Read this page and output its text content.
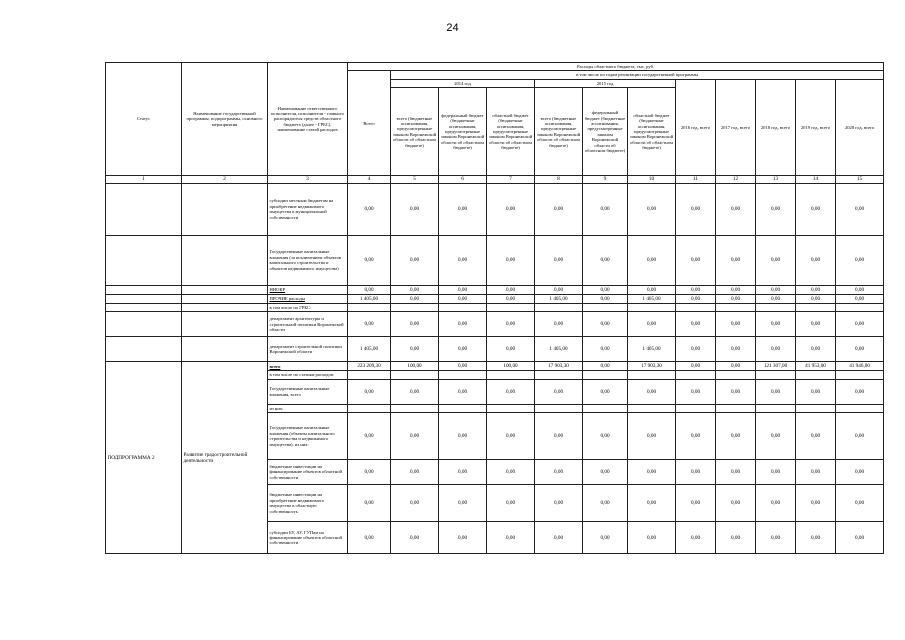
24
Статус	Наименование государственной программы, подпрограммы, основного мероприятия	Наименование ответственного исполнителя, исполнителя - главного распорядителя средств областного бюджета (далее - ГРБС), наименование статей расходов	Расходы областного бюджета, тыс. руб.											
			Всего	в том числе по годам реализации государственной программы										
				2014 год			2015 год			2016 год, всего	2017 год, всего	2018 год, всего	2019 год, всего	2020 год, всего
				всего (бюджетные ассигнования, предусмотренные законом Воронежской области об областном бюджете)	федеральный бюджет (бюджетные ассигнования, предусмотренные законом Воронежской области об областном бюджете)	областной бюджет (бюджетные ассигнования, предусмотренные законом Воронежской области об областном бюджете)	всего (бюджетные ассигнования, предусмотренные законом Воронежской области об областном бюджете)	федеральный бюджет (бюджетные ассигнования, предусмотренные законом Воронежской области об областном бюджете)	областной бюджет (бюджетные ассигнования, предусмотренные законом Воронежской области об областном бюджете)					
1	2	3	4	5	6	7	8	9	10	11	12	13	14	15
		субсидии местным бюджетам на приобретение недвижимого имущества в муниципальной собственности	0,00	0,00	0,00	0,00	0,00	0,00	0,00	0,00	0,00	0,00	0,00	0,00
		Государственные капитальные вложения (за исключением объектов капитального строительства и объектов недвижимого имущества)	0,00	0,00	0,00	0,00	0,00	0,00	0,00	0,00	0,00	0,00	0,00	0,00
		НИОКР	0,00	0,00	0,00	0,00	0,00	0,00	0,00	0,00	0,00	0,00	0,00	0,00
		ПРОЧИЕ расходы	1 405,00	0,00	0,00	0,00	1 405,00	0,00	1 405,00	0,00	0,00	0,00	0,00	0,00
		в том числе по ГРБС:												
		департамент архитектуры и строительной политики Воронежской области	0,00	0,00	0,00	0,00	0,00	0,00	0,00	0,00	0,00	0,00	0,00	0,00
		департамент строительной политики Воронежской области	1 405,00	0,00	0,00	0,00	1 405,00	0,00	1 405,00	0,00	0,00	0,00	0,00	0,00
ПОДПРОГРАММА 2	Развитие градостроительной деятельности	всего	223 209,30	100,00	0,00	100,00	17 903,30	0,00	17 903,30	0,00	0,00	121 307,00	41 953,00	41 946,00
		в том числе по статьям расходов:												
		Государственные капитальные вложения, всего	0,00	0,00	0,00	0,00	0,00	0,00	0,00	0,00	0,00	0,00	0,00	0,00
		из них:												
		Государственные капитальные вложения (объекты капитального строительства и недвижимого имущества), из них:	0,00	0,00	0,00	0,00	0,00	0,00	0,00	0,00	0,00	0,00	0,00	0,00
		бюджетные инвестиции на финансирование объектов областной собственности	0,00	0,00	0,00	0,00	0,00	0,00	0,00	0,00	0,00	0,00	0,00	0,00
		бюджетные инвестиции на приобретение недвижимого имущества в областную собственность	0,00	0,00	0,00	0,00	0,00	0,00	0,00	0,00	0,00	0,00	0,00	0,00
		субсидии БУ, АУ, ГУПам на финансирование объектов областной собственности	0,00	0,00	0,00	0,00	0,00	0,00	0,00	0,00	0,00	0,00	0,00	0,00
